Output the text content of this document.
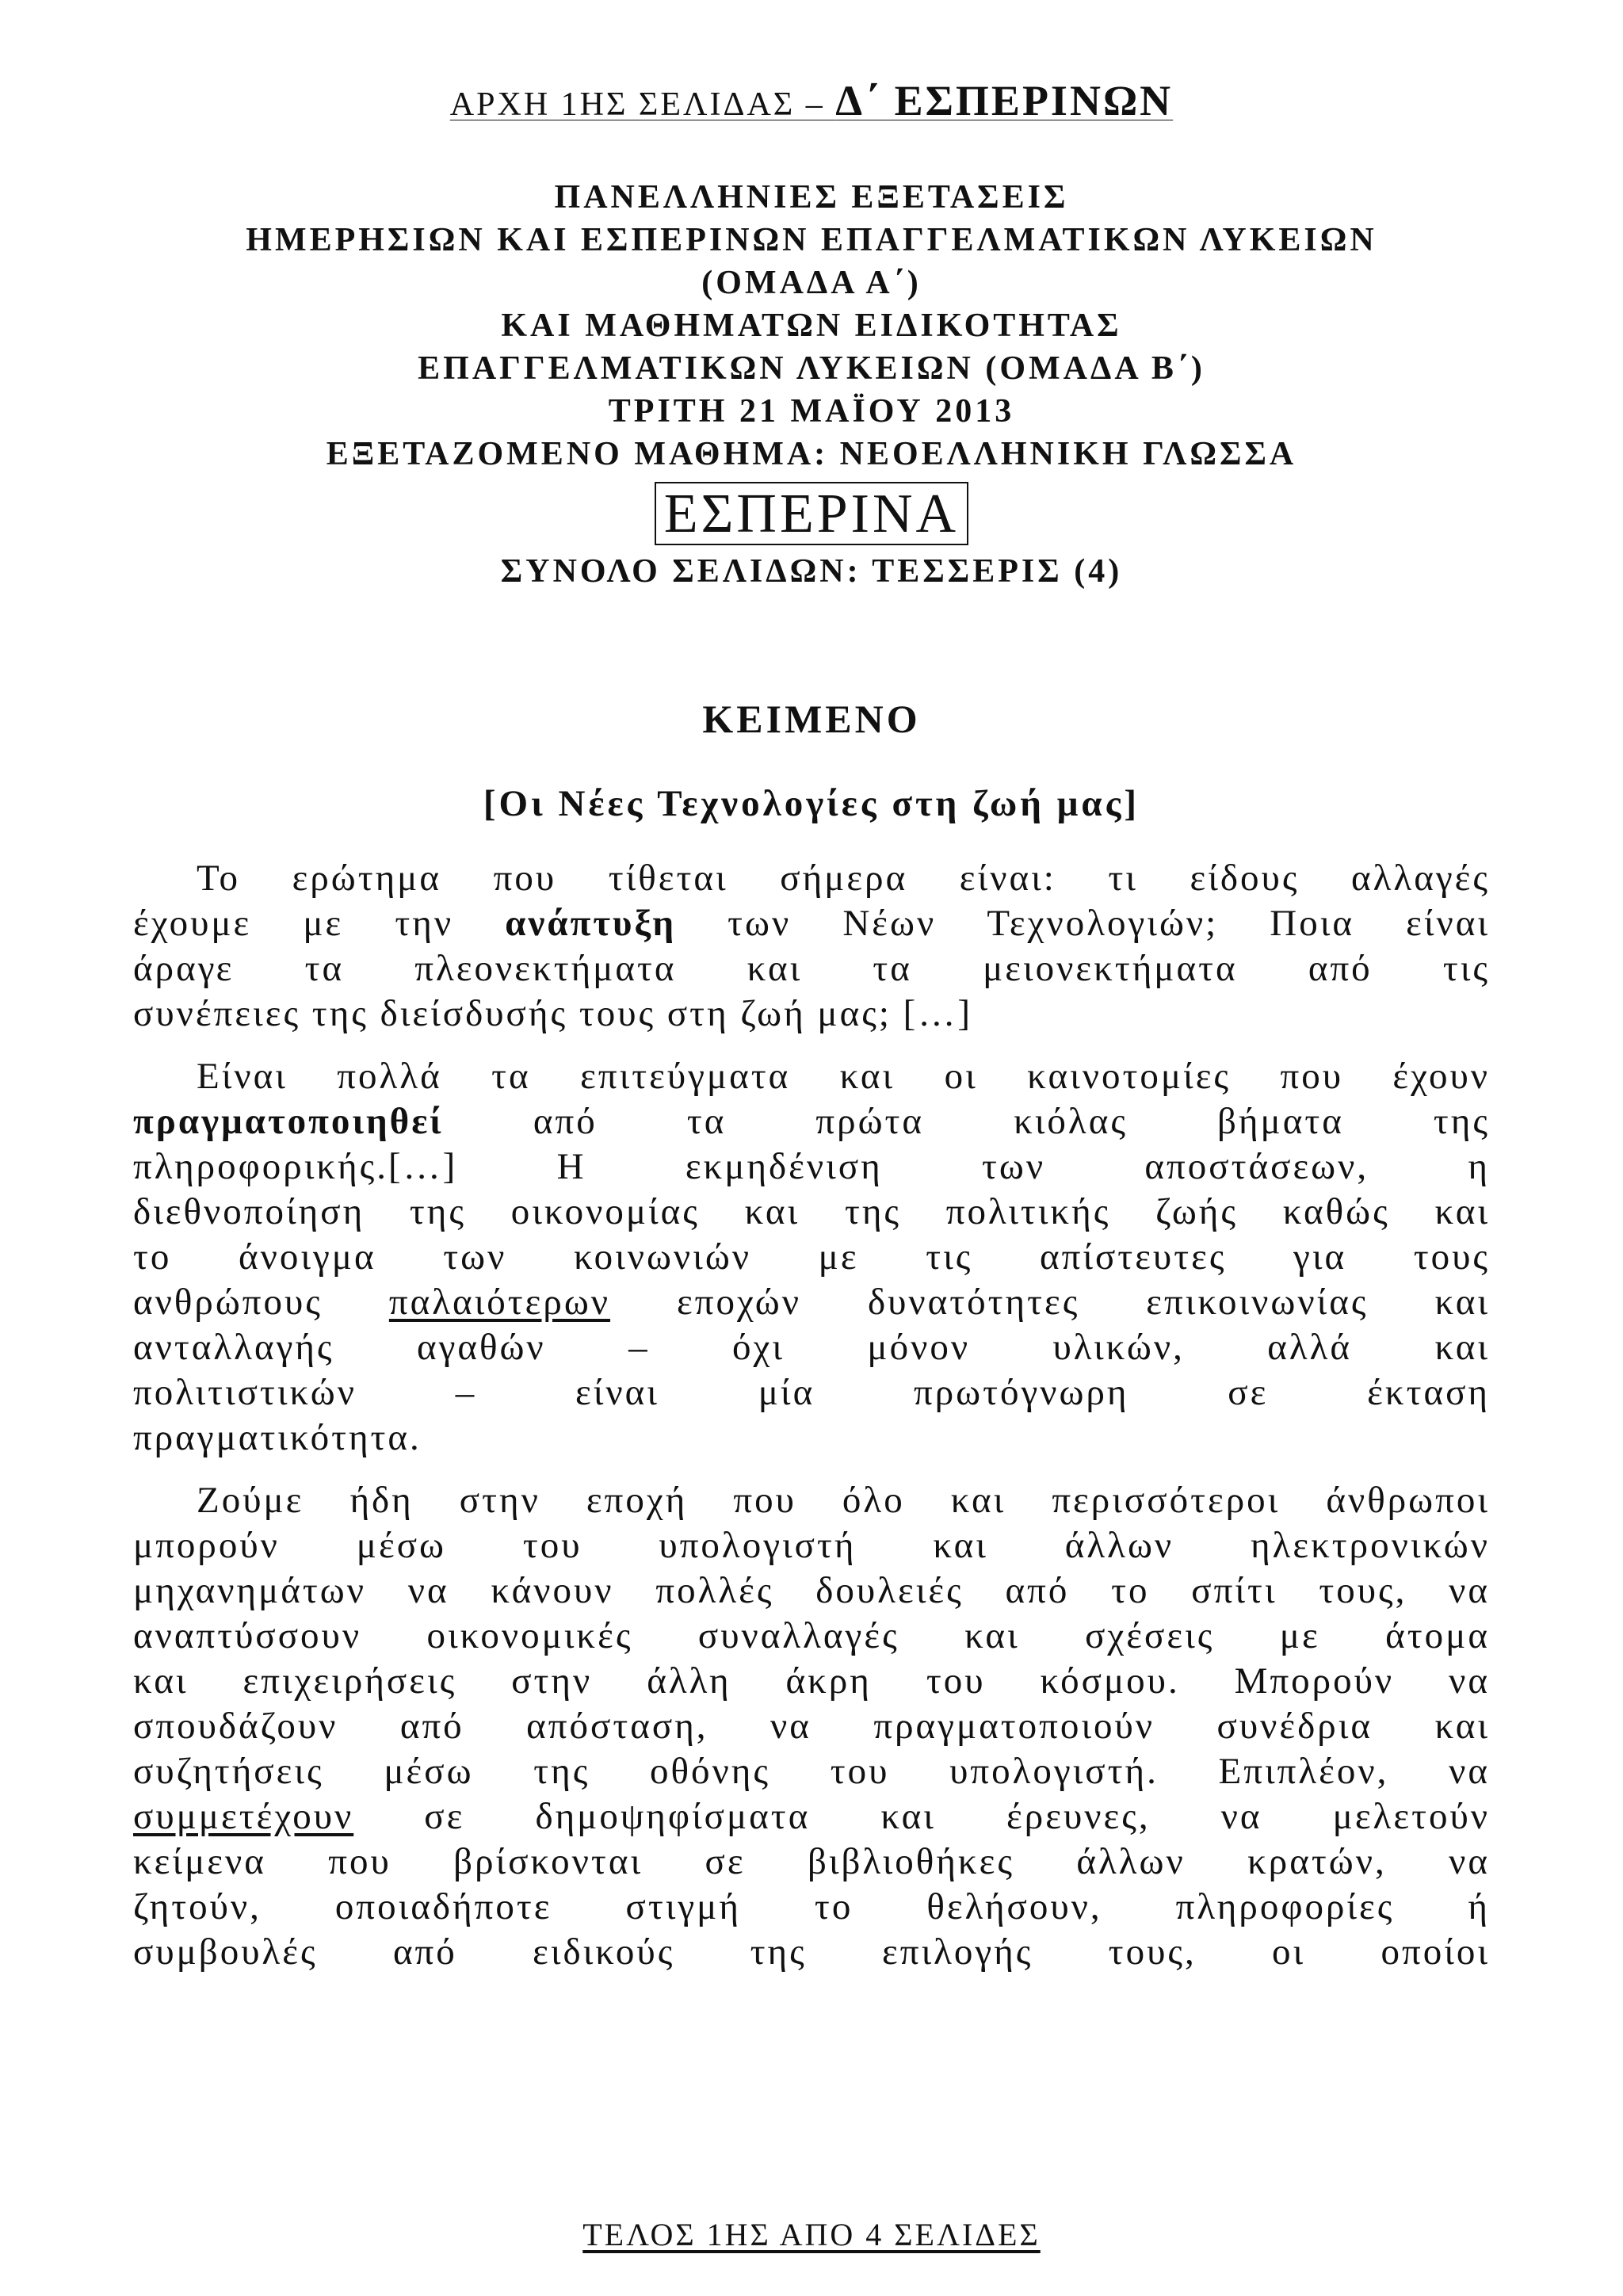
ΑΡΧΗ 1ΗΣ ΣΕΛΙΔΑΣ – Δ΄ ΕΣΠΕΡΙΝΩΝ
ΠΑΝΕΛΛΗΝΙΕΣ ΕΞΕΤΑΣΕΙΣ
ΗΜΕΡΗΣΙΩΝ ΚΑΙ ΕΣΠΕΡΙΝΩΝ ΕΠΑΓΓΕΛΜΑΤΙΚΩΝ ΛΥΚΕΙΩΝ
(ΟΜΑΔΑ Α΄)
ΚΑΙ ΜΑΘΗΜΑΤΩΝ ΕΙΔΙΚΟΤΗΤΑΣ
ΕΠΑΓΓΕΛΜΑΤΙΚΩΝ ΛΥΚΕΙΩΝ (ΟΜΑΔΑ Β΄)
ΤΡΙΤΗ 21 ΜΑΪΟΥ 2013
ΕΞΕΤΑΖΟΜΕΝΟ ΜΑΘΗΜΑ: ΝΕΟΕΛΛΗΝΙΚΗ ΓΛΩΣΣΑ
ΕΣΠΕΡΙΝΑ
ΣΥΝΟΛΟ ΣΕΛΙΔΩΝ: ΤΕΣΣΕΡΙΣ (4)
ΚΕΙΜΕΝΟ
[Οι Νέες Τεχνολογίες στη ζωή μας]
Το ερώτημα που τίθεται σήμερα είναι: τι είδους αλλαγές
έχουμε με την ανάπτυξη των Νέων Τεχνολογιών; Ποια είναι
άραγε τα πλεονεκτήματα και τα μειονεκτήματα από τις
συνέπειες της διείσδυσής τους στη ζωή μας; […]
Είναι πολλά τα επιτεύγματα και οι καινοτομίες που έχουν
πραγματοποιηθεί από τα πρώτα κιόλας βήματα της
πληροφορικής.[…] Η εκμηδένιση των αποστάσεων, η
διεθνοποίηση της οικονομίας και της πολιτικής ζωής καθώς και
το άνοιγμα των κοινωνιών με τις απίστευτες για τους
ανθρώπους παλαιότερων εποχών δυνατότητες επικοινωνίας και
ανταλλαγής αγαθών – όχι μόνον υλικών, αλλά και
πολιτιστικών – είναι μία πρωτόγνωρη σε έκταση
πραγματικότητα.
Ζούμε ήδη στην εποχή που όλο και περισσότεροι άνθρωποι
μπορούν μέσω του υπολογιστή και άλλων ηλεκτρονικών
μηχανημάτων να κάνουν πολλές δουλειές από το σπίτι τους, να
αναπτύσσουν οικονομικές συναλλαγές και σχέσεις με άτομα
και επιχειρήσεις στην άλλη άκρη του κόσμου. Μπορούν να
σπουδάζουν από απόσταση, να πραγματοποιούν συνέδρια και
συζητήσεις μέσω της οθόνης του υπολογιστή. Επιπλέον, να
συμμετέχουν σε δημοψηφίσματα και έρευνες, να μελετούν
κείμενα που βρίσκονται σε βιβλιοθήκες άλλων κρατών, να
ζητούν, οποιαδήποτε στιγμή το θελήσουν, πληροφορίες ή
συμβουλές από ειδικούς της επιλογής τους, οι οποίοι
ΤΕΛΟΣ 1ΗΣ ΑΠΟ 4 ΣΕΛΙΔΕΣ
